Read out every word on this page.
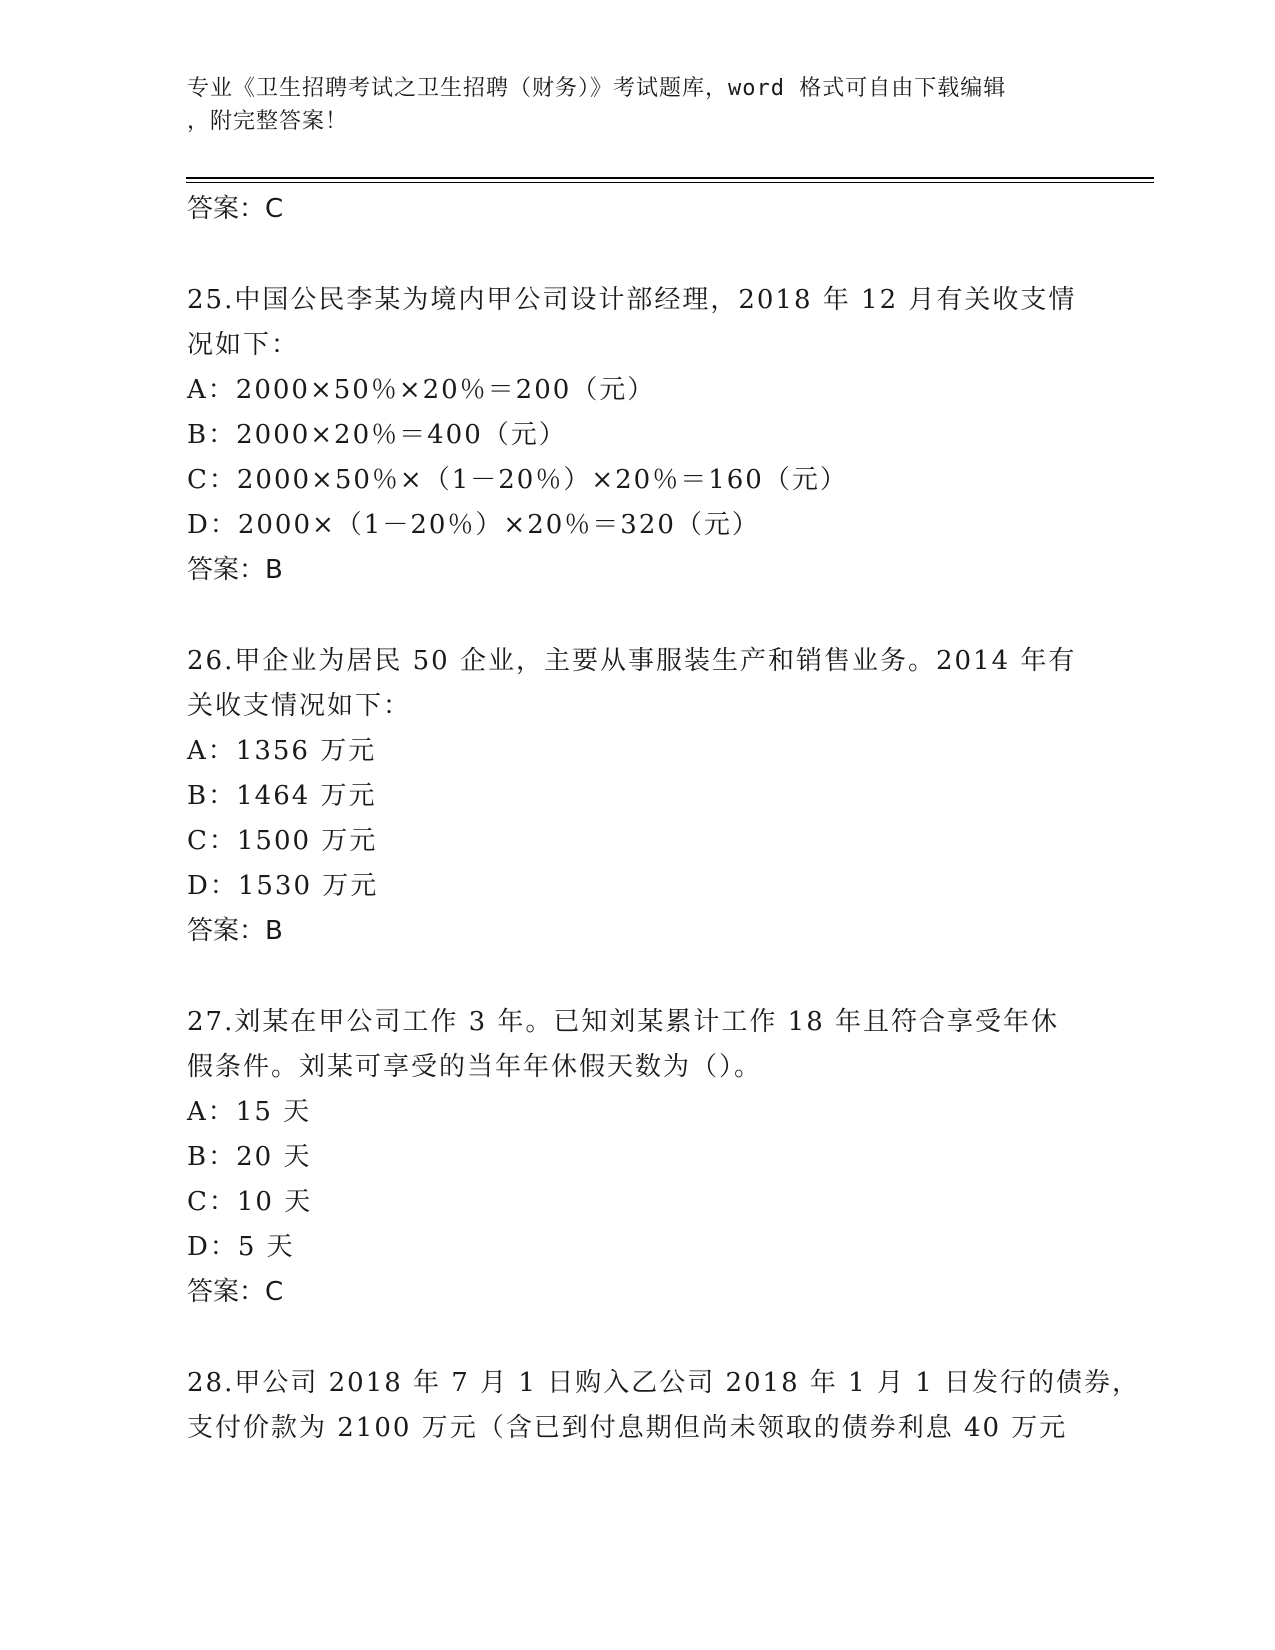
专业《卫生招聘考试之卫生招聘（财务）》考试题库，word 格式可自由下载编辑
，附完整答案！
答案：C
25.中国公民李某为境内甲公司设计部经理，2018 年 12 月有关收支情
况如下：
A：2000×50％×20％＝200（元）
B：2000×20％＝400（元）
C：2000×50％×（1－20％）×20％＝160（元）
D：2000×（1－20％）×20％＝320（元）
答案：B
26.甲企业为居民 50 企业，主要从事服装生产和销售业务。2014 年有
关收支情况如下：
A：1356 万元
B：1464 万元
C：1500 万元
D：1530 万元
答案：B
27.刘某在甲公司工作 3 年。已知刘某累计工作 18 年且符合享受年休
假条件。刘某可享受的当年年休假天数为（）。
A：15 天
B：20 天
C：10 天
D：5 天
答案：C
28.甲公司 2018 年 7 月 1 日购入乙公司 2018 年 1 月 1 日发行的债券，
支付价款为 2100 万元（含已到付息期但尚未领取的债券利息 40 万元
